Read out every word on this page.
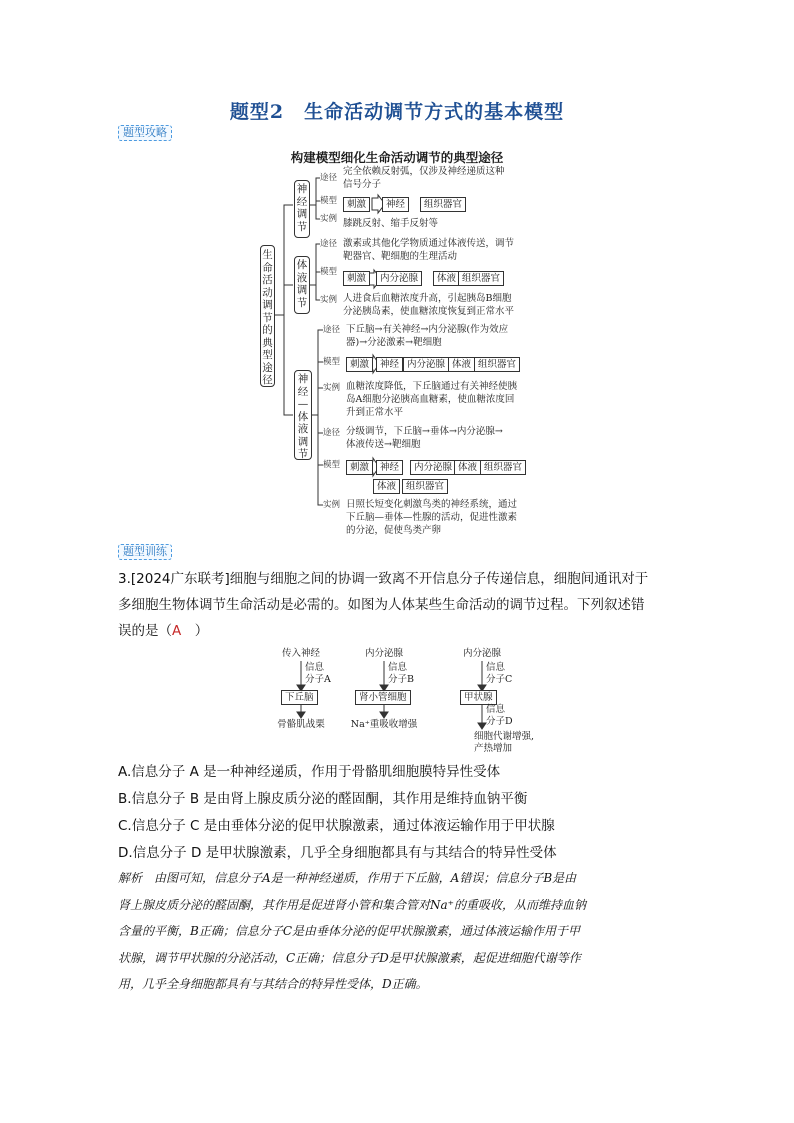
题型2　生命活动调节方式的基本模型
题型攻略
构建模型细化生命活动调节的典型途径
生命活动调节的典型途径
神经调节
途径
完全依赖反射弧，仅涉及神经递质这种
信号分子
模型	刺激	神经	组织器官
实例 膝跳反射、缩手反射等
体液调节
途径 激素或其他化学物质通过体液传送，调节
靶器官、靶细胞的生理活动
模型
刺激	内分泌腺	体液 组织器官
实例 人进食后血糖浓度升高，引起胰岛B细胞
分泌胰岛素，使血糖浓度恢复到正常水平
神经—体液调节
途径 下丘脑→有关神经→内分泌腺(作为效应
器)→分泌激素→靶细胞
模型	刺激	神经 内分泌腺 体液 组织器官
实例 血糖浓度降低，下丘脑通过有关神经使胰
岛A细胞分泌胰高血糖素，使血糖浓度回
升到正常水平
途径 分级调节，下丘脑→垂体→内分泌腺→
体液传送→靶细胞
模型	刺激	神经	内分泌腺 体液 组织器官
体液	组织器官
实例 日照长短变化刺激鸟类的神经系统，通过
下丘脑—垂体—性腺的活动，促进性激素
的分泌，促使鸟类产卵
题型训练
3.[2024广东联考]细胞与细胞之间的协调一致离不开信息分子传递信息，细胞间通讯对于
多细胞生物体调节生命活动是必需的。如图为人体某些生命活动的调节过程。下列叙述错
误的是（A　）
传入神经
信息
分子A
下丘脑
骨骼肌战栗
内分泌腺
信息
分子B
肾小管细胞
Na⁺重吸收增强
内分泌腺
信息
分子C
甲状腺
信息
分子D
细胞代谢增强,
产热增加
A.信息分子 A 是一种神经递质，作用于骨骼肌细胞膜特异性受体
B.信息分子 B 是由肾上腺皮质分泌的醛固酮，其作用是维持血钠平衡
C.信息分子 C 是由垂体分泌的促甲状腺激素，通过体液运输作用于甲状腺
D.信息分子 D 是甲状腺激素，几乎全身细胞都具有与其结合的特异性受体
解析　由图可知，信息分子A是一种神经递质，作用于下丘脑，A错误；信息分子B是由
肾上腺皮质分泌的醛固酮，其作用是促进肾小管和集合管对Na⁺的重吸收，从而维持血钠
含量的平衡，B正确；信息分子C是由垂体分泌的促甲状腺激素，通过体液运输作用于甲
状腺，调节甲状腺的分泌活动，C正确；信息分子D是甲状腺激素，起促进细胞代谢等作
用，几乎全身细胞都具有与其结合的特异性受体，D正确。
